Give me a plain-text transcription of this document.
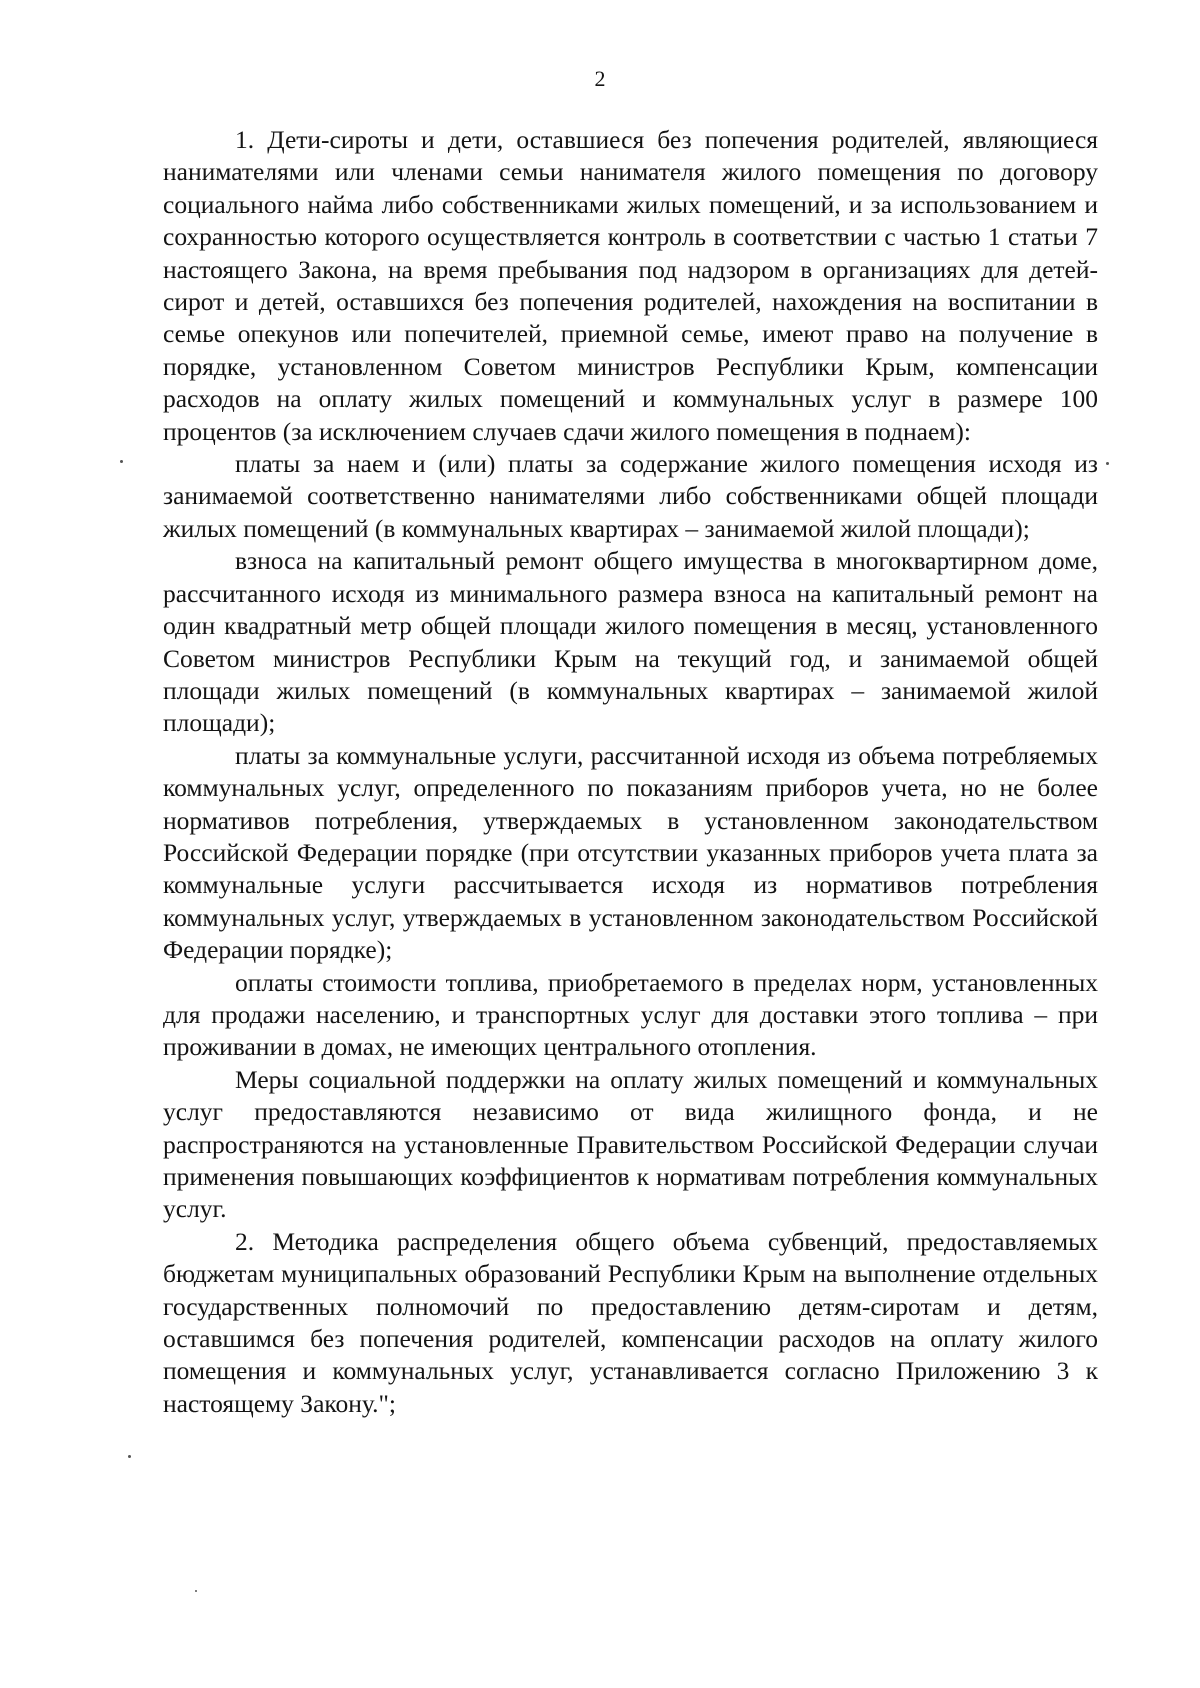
2

1. Дети-сироты и дети, оставшиеся без попечения родителей, являющиеся нанимателями или членами семьи нанимателя жилого помещения по договору социального найма либо собственниками жилых помещений, и за использованием и сохранностью которого осуществляется контроль в соответствии с частью 1 статьи 7 настоящего Закона, на время пребывания под надзором в организациях для детей-сирот и детей, оставшихся без попечения родителей, нахождения на воспитании в семье опекунов или попечителей, приемной семье, имеют право на получение в порядке, установленном Советом министров Республики Крым, компенсации расходов на оплату жилых помещений и коммунальных услуг в размере 100 процентов (за исключением случаев сдачи жилого помещения в поднаем):

платы за наем и (или) платы за содержание жилого помещения исходя из занимаемой соответственно нанимателями либо собственниками общей площади жилых помещений (в коммунальных квартирах – занимаемой жилой площади);

взноса на капитальный ремонт общего имущества в многоквартирном доме, рассчитанного исходя из минимального размера взноса на капитальный ремонт на один квадратный метр общей площади жилого помещения в месяц, установленного Советом министров Республики Крым на текущий год, и занимаемой общей площади жилых помещений (в коммунальных квартирах – занимаемой жилой площади);

платы за коммунальные услуги, рассчитанной исходя из объема потребляемых коммунальных услуг, определенного по показаниям приборов учета, но не более нормативов потребления, утверждаемых в установленном законодательством Российской Федерации порядке (при отсутствии указанных приборов учета плата за коммунальные услуги рассчитывается исходя из нормативов потребления коммунальных услуг, утверждаемых в установленном законодательством Российской Федерации порядке);

оплаты стоимости топлива, приобретаемого в пределах норм, установленных для продажи населению, и транспортных услуг для доставки этого топлива – при проживании в домах, не имеющих центрального отопления.

Меры социальной поддержки на оплату жилых помещений и коммунальных услуг предоставляются независимо от вида жилищного фонда, и не распространяются на установленные Правительством Российской Федерации случаи применения повышающих коэффициентов к нормативам потребления коммунальных услуг.

2. Методика распределения общего объема субвенций, предоставляемых бюджетам муниципальных образований Республики Крым на выполнение отдельных государственных полномочий по предоставлению детям-сиротам и детям, оставшимся без попечения родителей, компенсации расходов на оплату жилого помещения и коммунальных услуг, устанавливается согласно Приложению 3 к настоящему Закону.";
